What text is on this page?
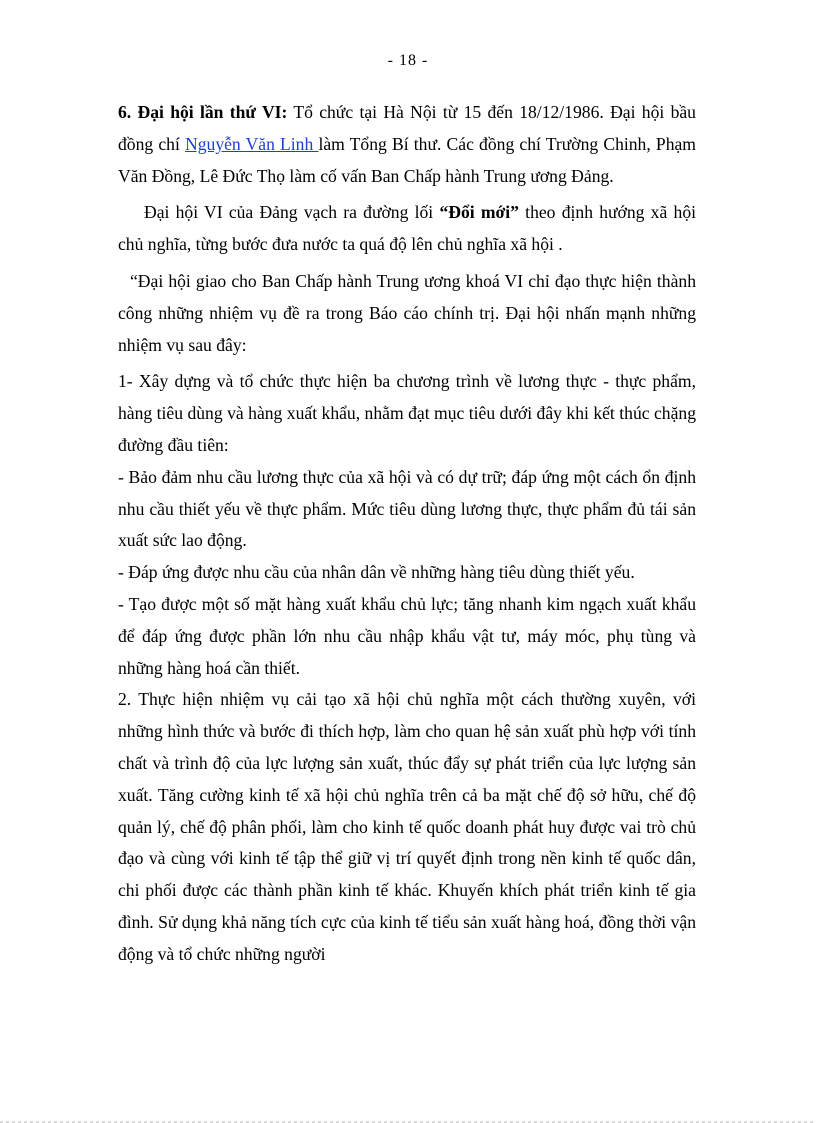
- 18 -

6. Đại hội lần thứ VI: Tổ chức tại Hà Nội từ 15 đến 18/12/1986. Đại hội bầu đồng chí Nguyễn Văn Linh làm Tổng Bí thư. Các đồng chí Trường Chinh, Phạm Văn Đồng, Lê Đức Thọ làm cố vấn Ban Chấp hành Trung ương Đảng.

Đại hội VI của Đảng vạch ra đường lối “Đổi mới” theo định hướng xã hội chủ nghĩa, từng bước đưa nước ta quá độ lên chủ nghĩa xã hội .

“Đại hội giao cho Ban Chấp hành Trung ương khoá VI chỉ đạo thực hiện thành công những nhiệm vụ đề ra trong Báo cáo chính trị. Đại hội nhấn mạnh những nhiệm vụ sau đây:

1- Xây dựng và tổ chức thực hiện ba chương trình về lương thực - thực phẩm, hàng tiêu dùng và hàng xuất khẩu, nhằm đạt mục tiêu dưới đây khi kết thúc chặng đường đầu tiên:

- Bảo đảm nhu cầu lương thực của xã hội và có dự trữ; đáp ứng một cách ổn định nhu cầu thiết yếu về thực phẩm. Mức tiêu dùng lương thực, thực phẩm đủ tái sản xuất sức lao động.

- Đáp ứng được nhu cầu của nhân dân về những hàng tiêu dùng thiết yếu.

- Tạo được một số mặt hàng xuất khẩu chủ lực; tăng nhanh kim ngạch xuất khẩu để đáp ứng được phần lớn nhu cầu nhập khẩu vật tư, máy móc, phụ tùng và những hàng hoá cần thiết.

2. Thực hiện nhiệm vụ cải tạo xã hội chủ nghĩa một cách thường xuyên, với những hình thức và bước đi thích hợp, làm cho quan hệ sản xuất phù hợp với tính chất và trình độ của lực lượng sản xuất, thúc đẩy sự phát triển của lực lượng sản xuất. Tăng cường kinh tế xã hội chủ nghĩa trên cả ba mặt chế độ sở hữu, chế độ quản lý, chế độ phân phối, làm cho kinh tế quốc doanh phát huy được vai trò chủ đạo và cùng với kinh tế tập thể giữ vị trí quyết định trong nền kinh tế quốc dân, chi phối được các thành phần kinh tế khác. Khuyến khích phát triển kinh tế gia đình. Sử dụng khả năng tích cực của kinh tế tiểu sản xuất hàng hoá, đồng thời vận động và tổ chức những người
